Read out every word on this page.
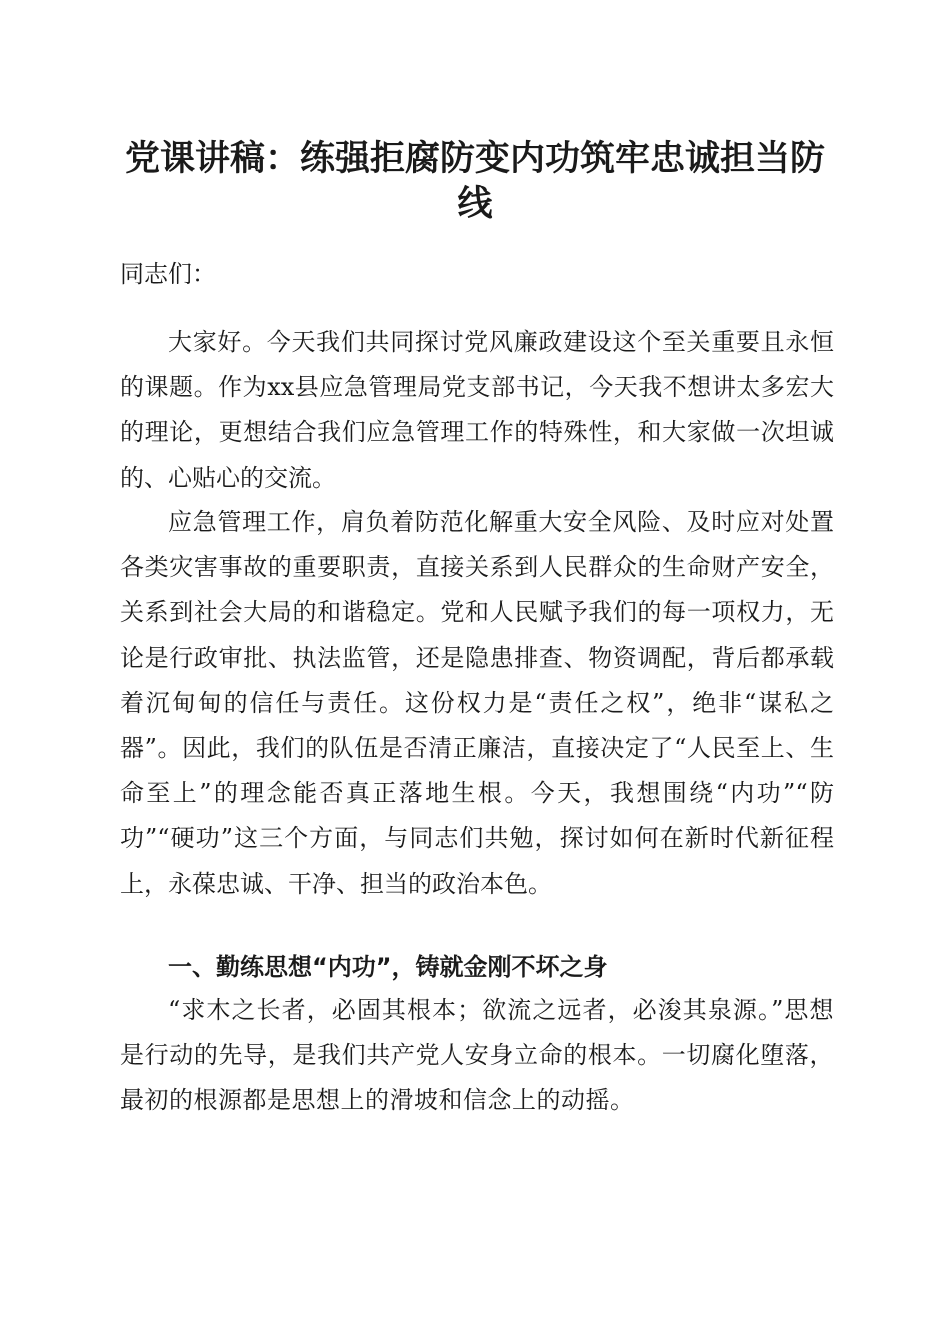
党课讲稿：练强拒腐防变内功筑牢忠诚担当防线

同志们：

大家好。今天我们共同探讨党风廉政建设这个至关重要且永恒的课题。作为xx县应急管理局党支部书记，今天我不想讲太多宏大的理论，更想结合我们应急管理工作的特殊性，和大家做一次坦诚的、心贴心的交流。

应急管理工作，肩负着防范化解重大安全风险、及时应对处置各类灾害事故的重要职责，直接关系到人民群众的生命财产安全，关系到社会大局的和谐稳定。党和人民赋予我们的每一项权力，无论是行政审批、执法监管，还是隐患排查、物资调配，背后都承载着沉甸甸的信任与责任。这份权力是“责任之权”，绝非“谋私之器”。因此，我们的队伍是否清正廉洁，直接决定了“人民至上、生命至上”的理念能否真正落地生根。今天，我想围绕“内功”“防功”“硬功”这三个方面，与同志们共勉，探讨如何在新时代新征程上，永葆忠诚、干净、担当的政治本色。

一、勤练思想“内功”，铸就金刚不坏之身

“求木之长者，必固其根本；欲流之远者，必浚其泉源。”思想是行动的先导，是我们共产党人安身立命的根本。一切腐化堕落，最初的根源都是思想上的滑坡和信念上的动摇。
